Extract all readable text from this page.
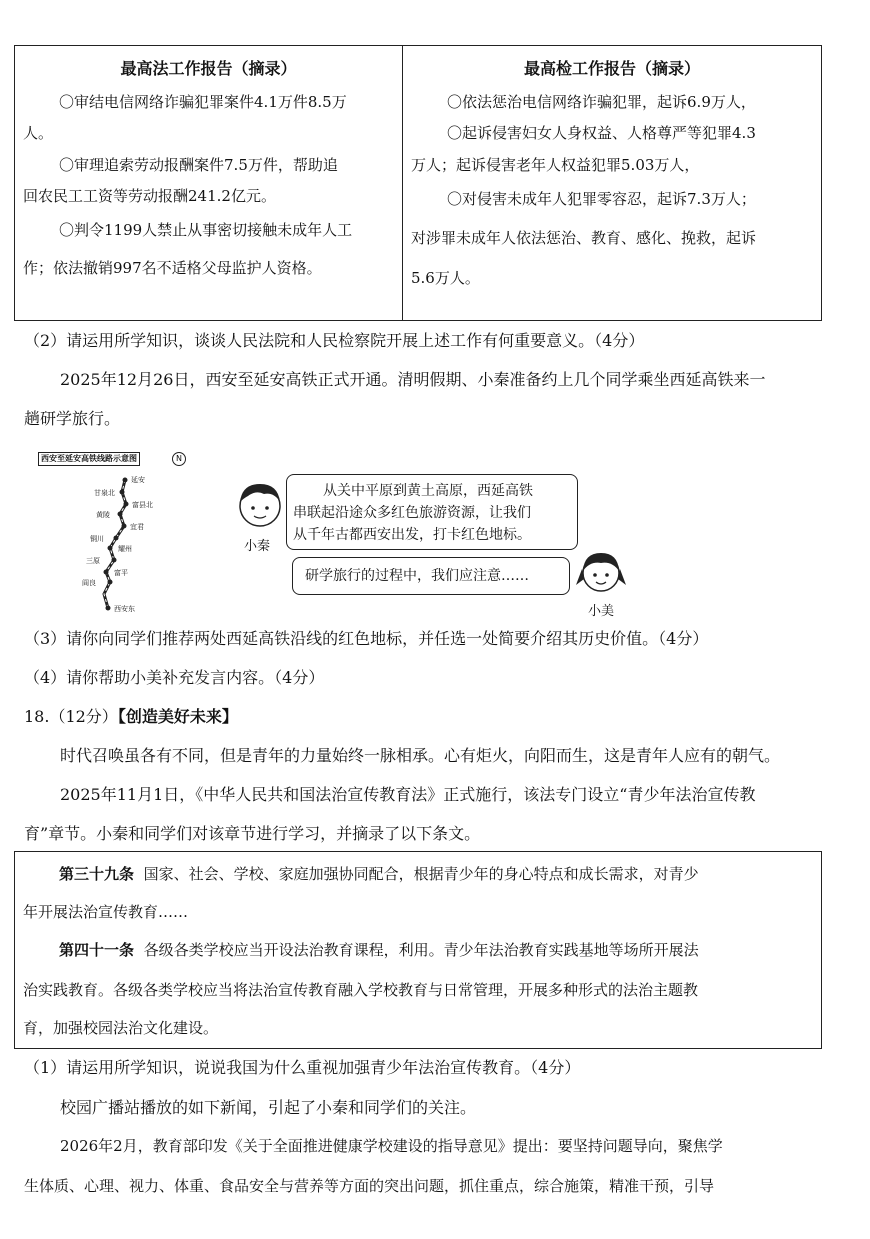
最高法工作报告（摘录）
〇审结电信网络诈骗犯罪案件4.1万件8.5万
人。
〇审理追索劳动报酬案件7.5万件，帮助追
回农民工工资等劳动报酬241.2亿元。
〇判令1199人禁止从事密切接触未成年人工
作；依法撤销997名不适格父母监护人资格。
最高检工作报告（摘录）
〇依法惩治电信网络诈骗犯罪，起诉6.9万人，
〇起诉侵害妇女人身权益、人格尊严等犯罪4.3
万人；起诉侵害老年人权益犯罪5.03万人，
〇对侵害未成年人犯罪零容忍，起诉7.3万人；
对涉罪未成年人依法惩治、教育、感化、挽救，起诉
5.6万人。
（2）请运用所学知识，谈谈人民法院和人民检察院开展上述工作有何重要意义。（4分）
2025年12月26日，西安至延安高铁正式开通。清明假期、小秦准备约上几个同学乘坐西延高铁来一
趟研学旅行。
西安至延安高铁线路示意图	N
延安
甘泉北
富县北
黄陵
宜君
铜川
耀州
三原
富平
阎良
西安东
小秦
从关中平原到黄土高原，西延高铁
串联起沿途众多红色旅游资源，让我们
从千年古都西安出发，打卡红色地标。
研学旅行的过程中，我们应注意……
小美
（3）请你向同学们推荐两处西延高铁沿线的红色地标，并任选一处简要介绍其历史价值。（4分）
（4）请你帮助小美补充发言内容。（4分）
18.（12分）【创造美好未来】
时代召唤虽各有不同，但是青年的力量始终一脉相承。心有炬火，向阳而生，这是青年人应有的朝气。
2025年11月1日，《中华人民共和国法治宣传教育法》正式施行，该法专门设立“青少年法治宣传教
育”章节。小秦和同学们对该章节进行学习，并摘录了以下条文。
第三十九条 国家、社会、学校、家庭加强协同配合，根据青少年的身心特点和成长需求，对青少
年开展法治宣传教育……
第四十一条 各级各类学校应当开设法治教育课程，利用。青少年法治教育实践基地等场所开展法
治实践教育。各级各类学校应当将法治宣传教育融入学校教育与日常管理，开展多种形式的法治主题教
育，加强校园法治文化建设。
（1）请运用所学知识，说说我国为什么重视加强青少年法治宣传教育。（4分）
校园广播站播放的如下新闻，引起了小秦和同学们的关注。
2026年2月，教育部印发《关于全面推进健康学校建设的指导意见》提出：要坚持问题导向，聚焦学
生体质、心理、视力、体重、食品安全与营养等方面的突出问题，抓住重点，综合施策，精准干预，引导
